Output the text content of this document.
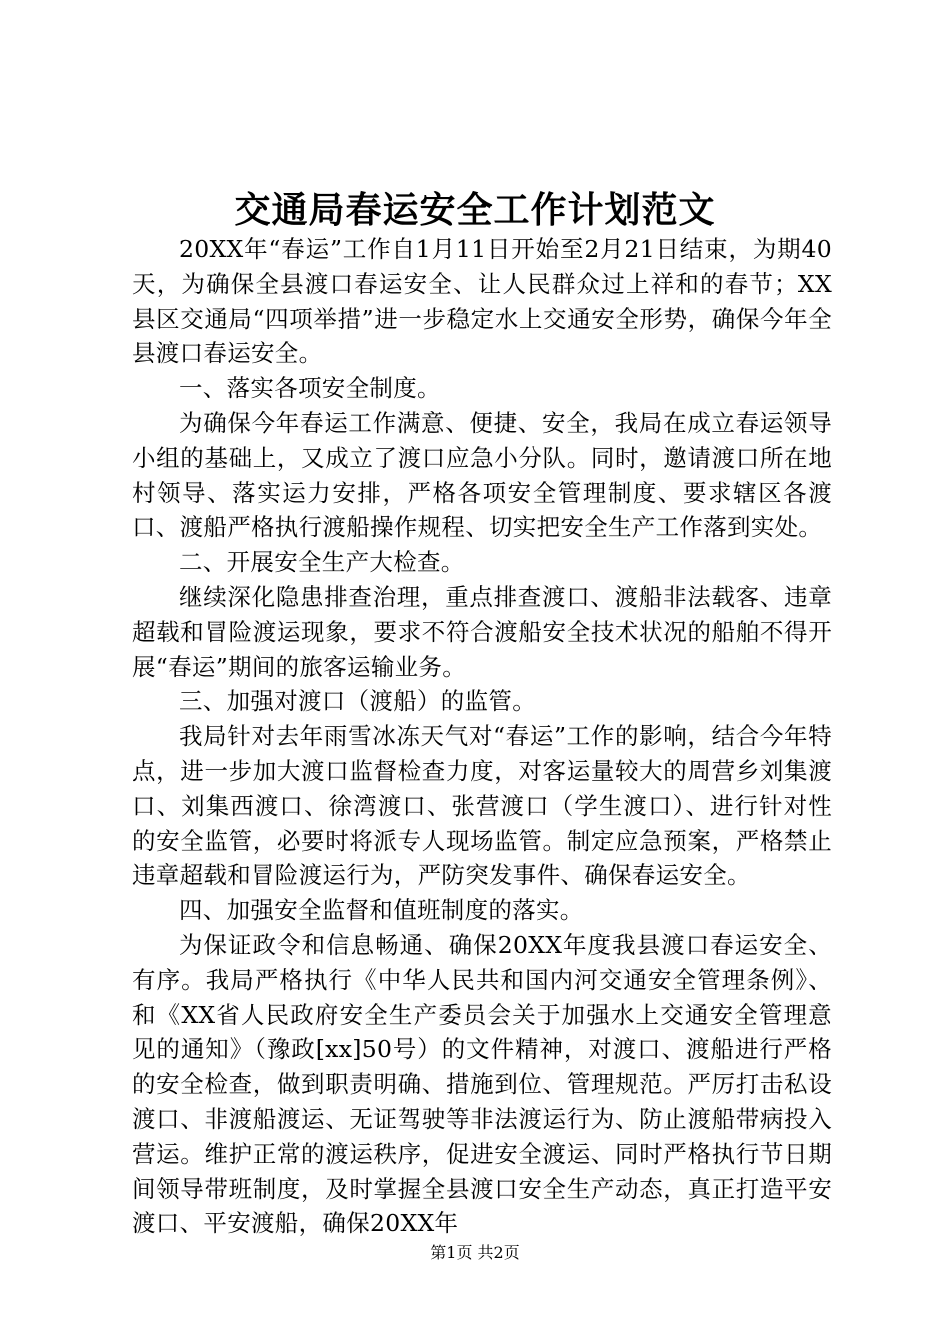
交通局春运安全工作计划范文

20XX年“春运”工作自1月11日开始至2月21日结束，为期40天，为确保全县渡口春运安全、让人民群众过上祥和的春节；XX县区交通局“四项举措”进一步稳定水上交通安全形势，确保今年全县渡口春运安全。

一、落实各项安全制度。

为确保今年春运工作满意、便捷、安全，我局在成立春运领导小组的基础上，又成立了渡口应急小分队。同时，邀请渡口所在地村领导、落实运力安排，严格各项安全管理制度、要求辖区各渡口、渡船严格执行渡船操作规程、切实把安全生产工作落到实处。

二、开展安全生产大检查。

继续深化隐患排查治理，重点排查渡口、渡船非法载客、违章超载和冒险渡运现象，要求不符合渡船安全技术状况的船舶不得开展“春运”期间的旅客运输业务。

三、加强对渡口（渡船）的监管。

我局针对去年雨雪冰冻天气对“春运”工作的影响，结合今年特点，进一步加大渡口监督检查力度，对客运量较大的周营乡刘集渡口、刘集西渡口、徐湾渡口、张营渡口（学生渡口）、进行针对性的安全监管，必要时将派专人现场监管。制定应急预案，严格禁止违章超载和冒险渡运行为，严防突发事件、确保春运安全。

四、加强安全监督和值班制度的落实。

为保证政令和信息畅通、确保20XX年度我县渡口春运安全、有序。我局严格执行《中华人民共和国内河交通安全管理条例》、和《XX省人民政府安全生产委员会关于加强水上交通安全管理意见的通知》（豫政[xx]50号）的文件精神，对渡口、渡船进行严格的安全检查，做到职责明确、措施到位、管理规范。严厉打击私设渡口、非渡船渡运、无证驾驶等非法渡运行为、防止渡船带病投入营运。维护正常的渡运秩序，促进安全渡运、同时严格执行节日期间领导带班制度，及时掌握全县渡口安全生产动态，真正打造平安渡口、平安渡船，确保20XX年

第1页 共2页
